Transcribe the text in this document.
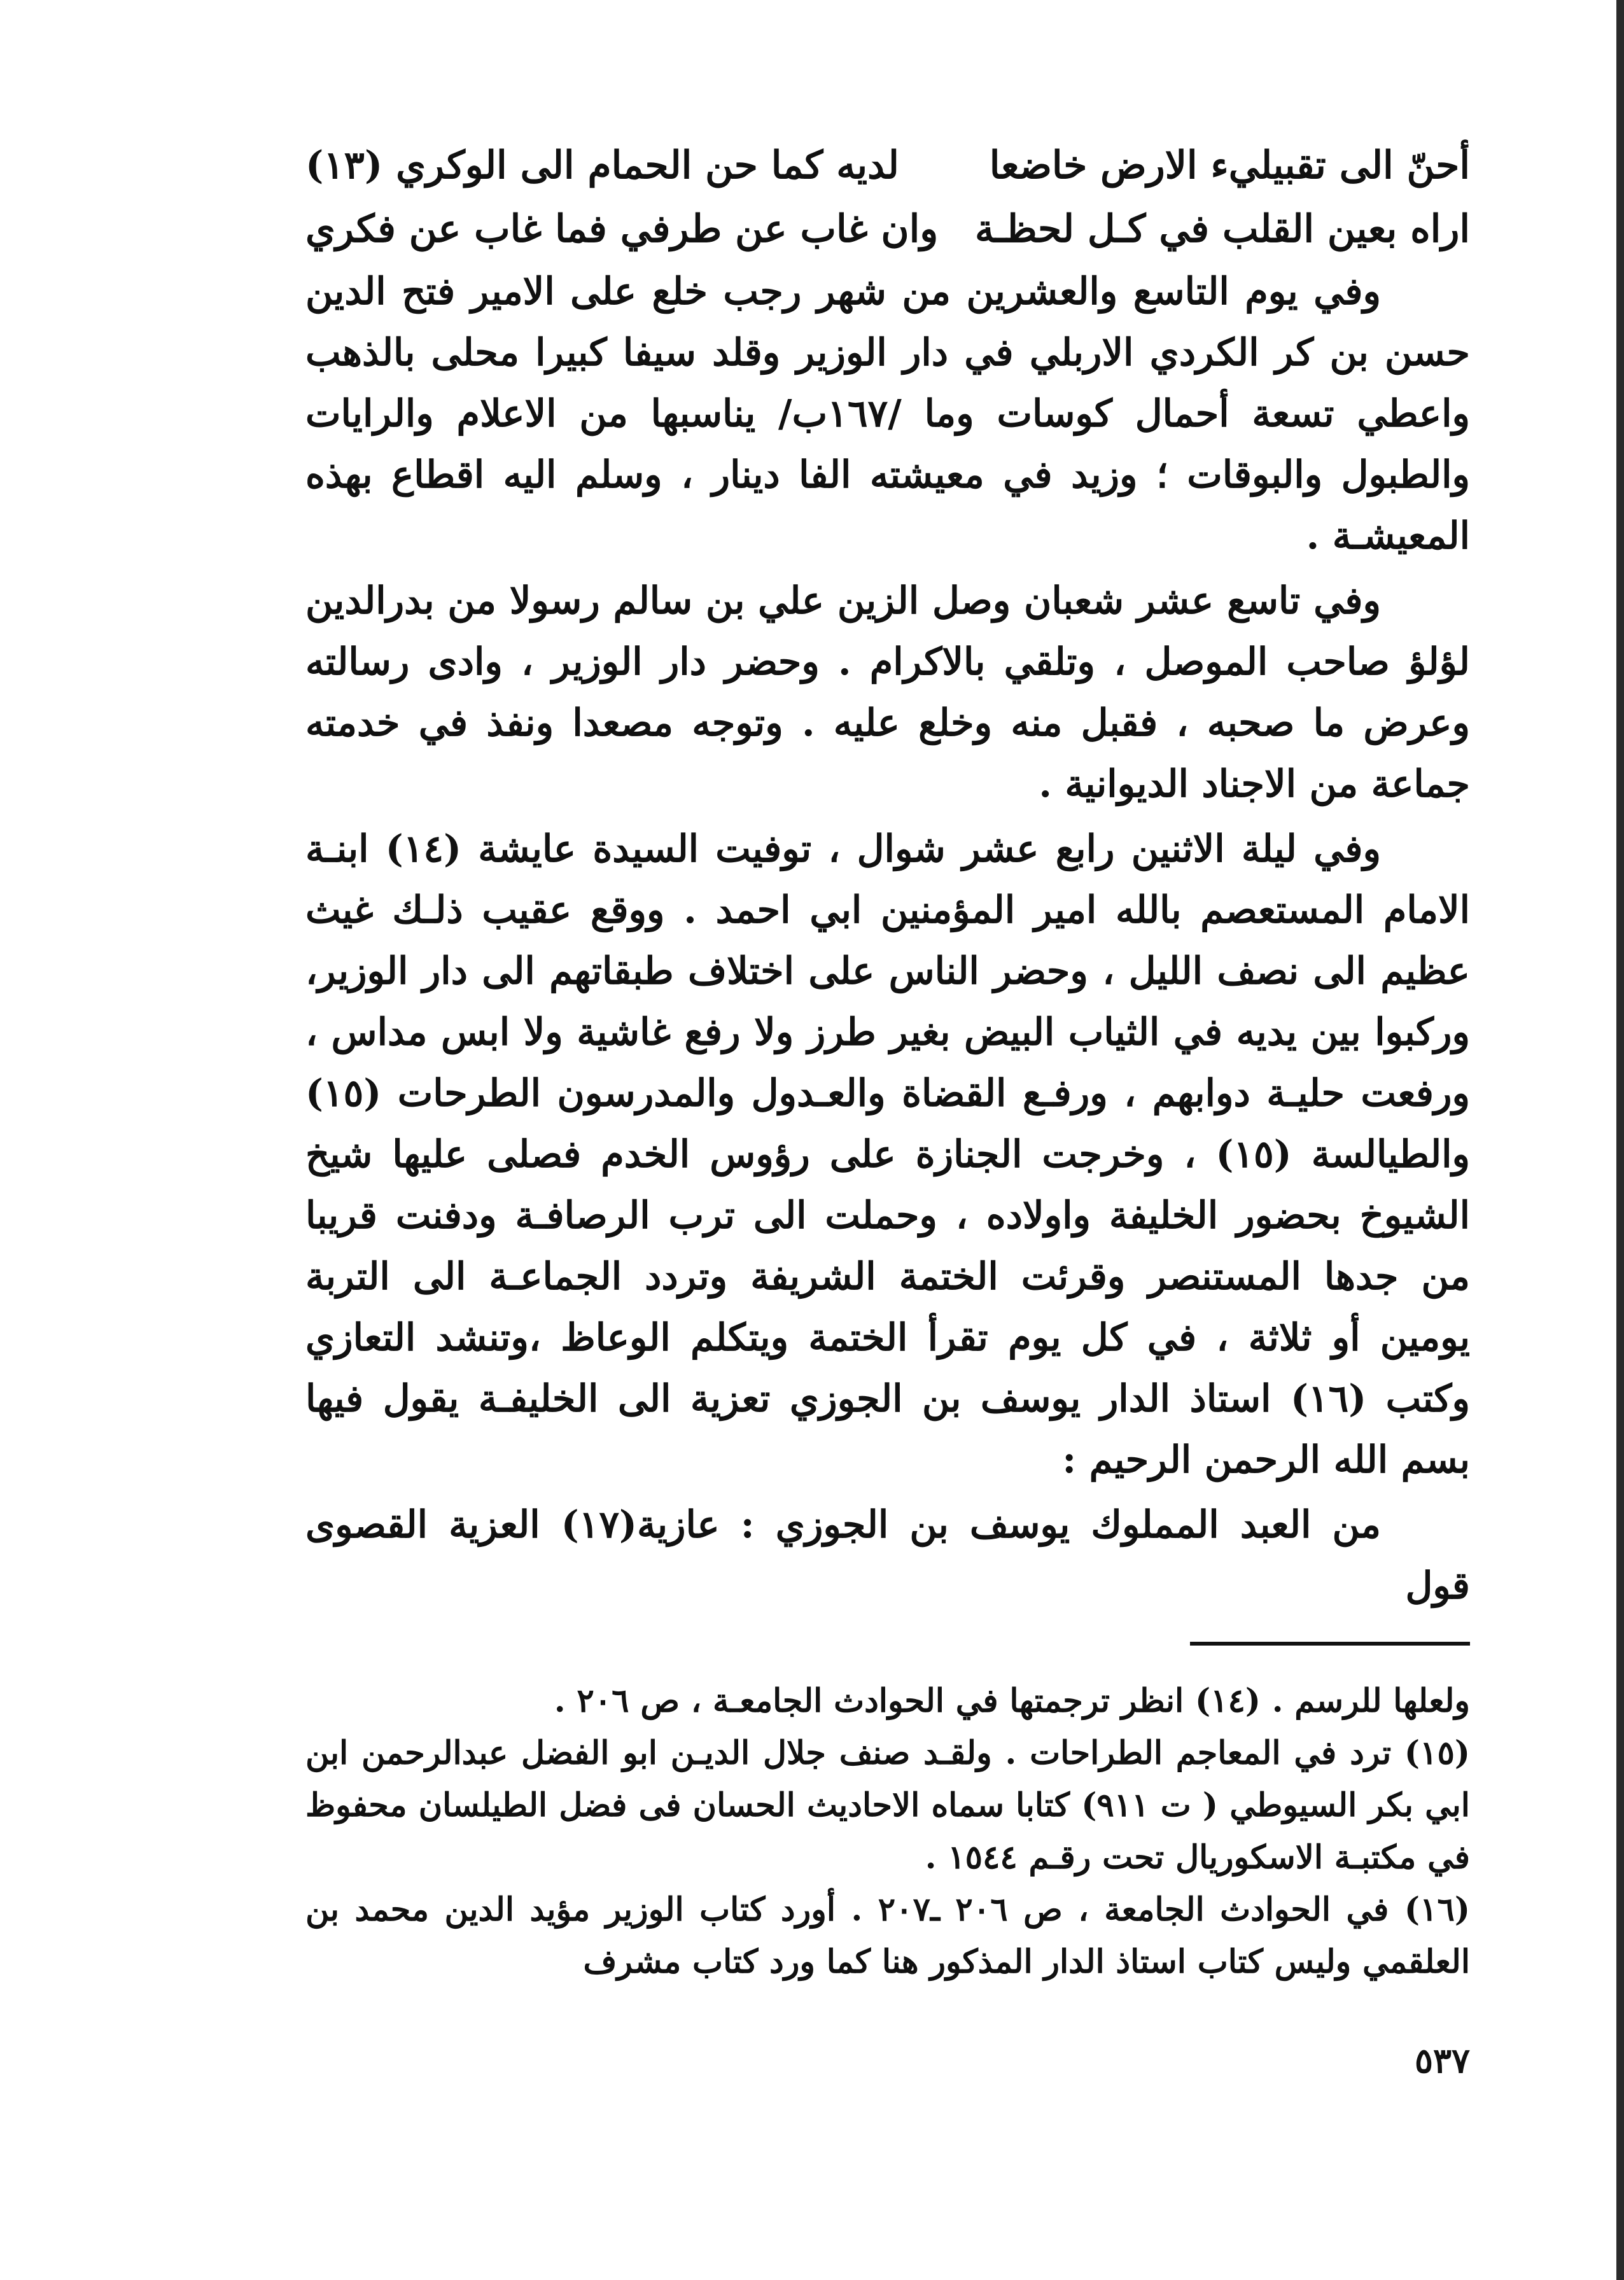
أحنّ الى تقبيليء الارض خاضعا
لديه كما حن الحمام الى الوكري (١٣)
اراه بعين القلب في كـل لحظـة
وان غاب عن طرفي فما غاب عن فكري

وفي يوم التاسع والعشرين من شهر رجب خلع على الامير فتح الدين حسن بن كر الكردي الاربلي في دار الوزير وقلد سيفا كبيرا محلى بالذهب واعطي تسعة أحمال كوسات وما /١٦٧ب/ يناسبها من الاعلام والرايات والطبول والبوقات ؛ وزيد في معيشته الفا دينار ، وسلم اليه اقطاع بهذه المعيشـة .

وفي تاسع عشر شعبان وصل الزين علي بن سالم رسولا من بدرالدين لؤلؤ صاحب الموصل ، وتلقي بالاكرام . وحضر دار الوزير ، وادى رسالته وعرض ما صحبه ، فقبل منه وخلع عليه . وتوجه مصعدا ونفذ في خدمته جماعة من الاجناد الديوانية .

وفي ليلة الاثنين رابع عشر شوال ، توفيت السيدة عايشة (١٤) ابنـة الامام المستعصم بالله امير المؤمنين ابي احمد . ووقع عقيب ذلـك غيث عظيم الى نصف الليل ، وحضر الناس على اختلاف طبقاتهم الى دار الوزير، وركبوا بين يديه في الثياب البيض بغير طرز ولا رفع غاشية ولا ابس مداس ، ورفعت حليـة دوابهم ، ورفـع القضاة والعـدول والمدرسون الطرحات (١٥) والطيالسة (١٥) ، وخرجت الجنازة على رؤوس الخدم فصلى عليها شيخ الشيوخ بحضور الخليفة واولاده ، وحملت الى ترب الرصافـة ودفنت قريبا من جدها المستنصر وقرئت الختمة الشريفة وتردد الجماعـة الى التربة يومين أو ثلاثة ، في كل يوم تقرأ الختمة ويتكلم الوعاظ ،وتنشد التعازي وكتب (١٦) استاذ الدار يوسف بن الجوزي تعزية الى الخليفـة يقول فيها بسم الله الرحمن الرحيم :

من العبد المملوك يوسف بن الجوزي : عازية(١٧) العزية القصوى قول

ولعلها للرسم . (١٤) انظر ترجمتها في الحوادث الجامعـة ، ص ٢٠٦ .
(١٥) ترد في المعاجم الطراحات . ولقـد صنف جلال الديـن ابو الفضل عبدالرحمن ابن ابي بكر السيوطي ( ت ٩١١) كتابا سماه الاحاديث الحسان فى فضل الطيلسان محفوظ في مكتبـة الاسكوريال تحت رقـم ١٥٤٤ .
(١٦) في الحوادث الجامعة ، ص ٢٠٦ ـ٢٠٧ . أورد كتاب الوزير مؤيد الدين محمد بن العلقمي وليس كتاب استاذ الدار المذكور هنا كما ورد كتاب مشرف

٥٣٧
